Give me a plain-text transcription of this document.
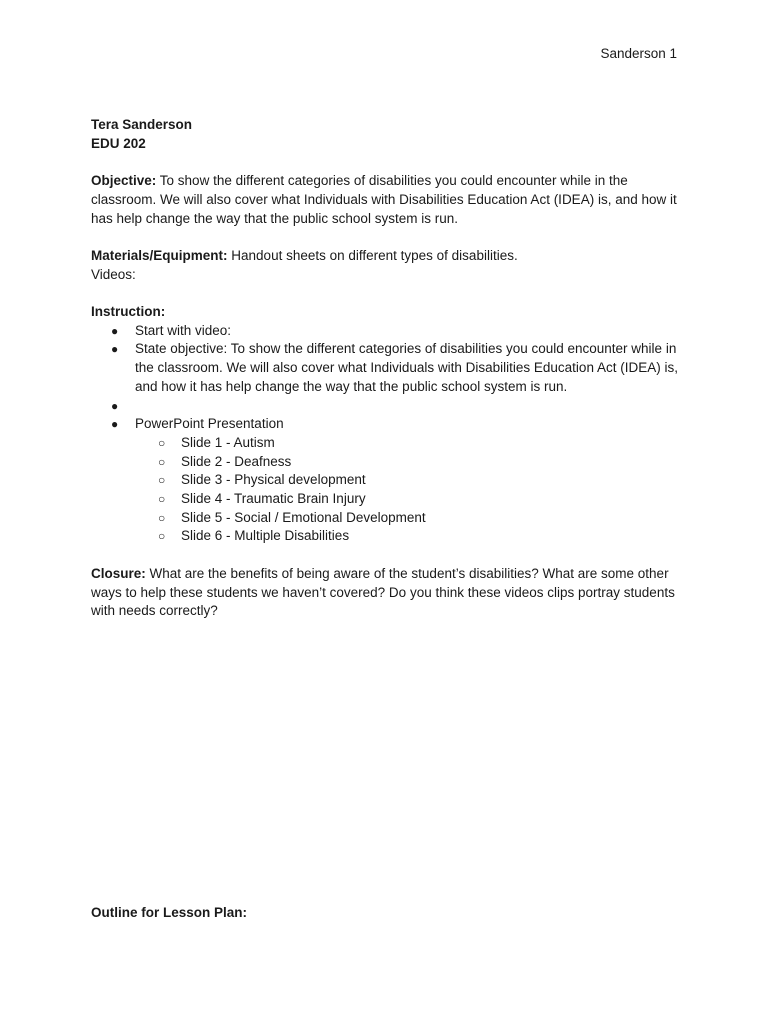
Sanderson 1

Tera Sanderson

EDU 202

Objective: To show the different categories of disabilities you could encounter while in the classroom. We will also cover what Individuals with Disabilities Education Act (IDEA) is, and how it has help change the way that the public school system is run.

Materials/Equipment: Handout sheets on different types of disabilities.

Videos:

Instruction:

● Start with video:
● State objective: To show the different categories of disabilities you could encounter while in the classroom. We will also cover what Individuals with Disabilities Education Act (IDEA) is, and how it has help change the way that the public school system is run.
●
● PowerPoint Presentation
○ Slide 1 - Autism
○ Slide 2 - Deafness
○ Slide 3 - Physical development
○ Slide 4 - Traumatic Brain Injury
○ Slide 5 - Social / Emotional Development
○ Slide 6 - Multiple Disabilities

Closure: What are the benefits of being aware of the student’s disabilities? What are some other ways to help these students we haven’t covered? Do you think these videos clips portray students with needs correctly?

Outline for Lesson Plan:
